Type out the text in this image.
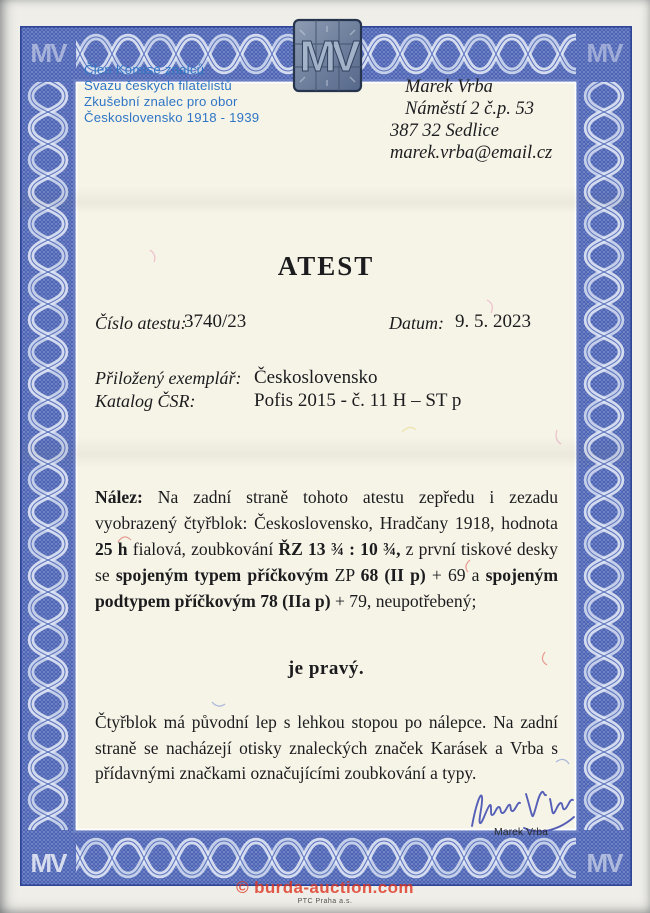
MV	MV
MV	MV
MV
Člen Komise znalců
Svazu českých filatelistů
Zkušební znalec pro obor
Československo 1918 - 1939
Marek Vrba
Náměstí 2 č.p. 53
387 32 Sedlice
marek.vrba@email.cz
ATEST
Číslo atestu:
3740/23	Datum: 9. 5. 2023
Přiložený exemplář: Československo
Katalog ČSR:	Pofis 2015 - č. 11 H – ST p

Nález: Na zadní straně tohoto atestu zepředu i zezadu vyobrazený čtyřblok: Československo, Hradčany 1918, hodnota 25 h fialová, zoubkování ŘZ 13 ¾ : 10 ¾, z první tiskové desky se spojeným typem příčkovým ZP 68 (II p) + 69 a spojeným podtypem příčkovým 78 (IIa p) + 79, neupotřebený;

je pravý.

Čtyřblok má původní lep s lehkou stopou po nálepce. Na zadní straně se nacházejí otisky znaleckých značek Karásek a Vrba s přídavnými značkami označujícími zoubkování a typy.

Marek Vrba
© burda-auction.com
PTC Praha a.s.
